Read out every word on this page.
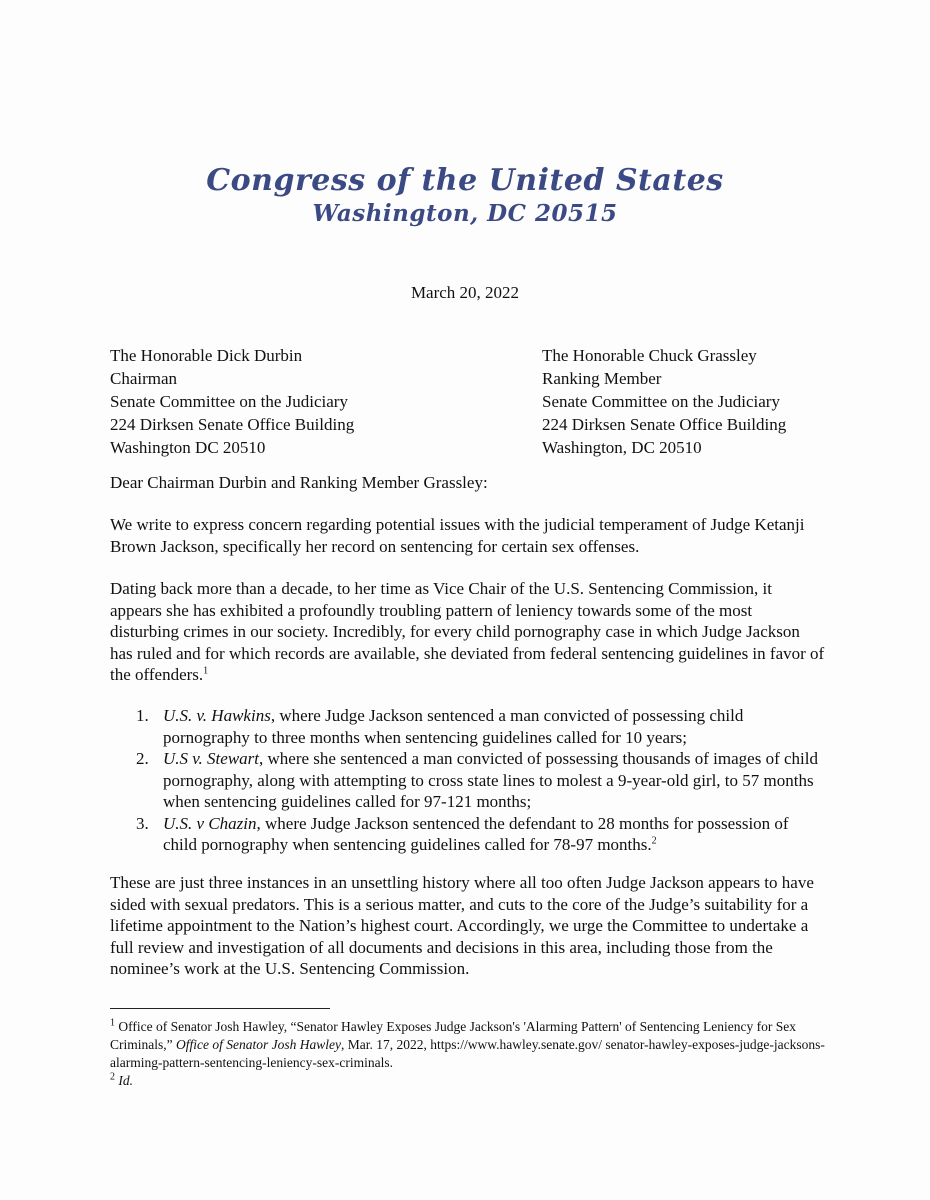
Congress of the United States
Washington, DC 20515
March 20, 2022
The Honorable Dick Durbin
Chairman
Senate Committee on the Judiciary
224 Dirksen Senate Office Building
Washington DC 20510
The Honorable Chuck Grassley
Ranking Member
Senate Committee on the Judiciary
224 Dirksen Senate Office Building
Washington, DC 20510
Dear Chairman Durbin and Ranking Member Grassley:
We write to express concern regarding potential issues with the judicial temperament of Judge Ketanji Brown Jackson, specifically her record on sentencing for certain sex offenses.
Dating back more than a decade, to her time as Vice Chair of the U.S. Sentencing Commission, it appears she has exhibited a profoundly troubling pattern of leniency towards some of the most disturbing crimes in our society. Incredibly, for every child pornography case in which Judge Jackson has ruled and for which records are available, she deviated from federal sentencing guidelines in favor of the offenders.$^1$
1. U.S. v. Hawkins, where Judge Jackson sentenced a man convicted of possessing child pornography to three months when sentencing guidelines called for 10 years;
2. U.S v. Stewart, where she sentenced a man convicted of possessing thousands of images of child pornography, along with attempting to cross state lines to molest a 9-year-old girl, to 57 months when sentencing guidelines called for 97-121 months;
3. U.S. v Chazin, where Judge Jackson sentenced the defendant to 28 months for possession of child pornography when sentencing guidelines called for 78-97 months.$^2$
These are just three instances in an unsettling history where all too often Judge Jackson appears to have sided with sexual predators. This is a serious matter, and cuts to the core of the Judge’s suitability for a lifetime appointment to the Nation’s highest court. Accordingly, we urge the Committee to undertake a full review and investigation of all documents and decisions in this area, including those from the nominee’s work at the U.S. Sentencing Commission.
$^1$ Office of Senator Josh Hawley, “Senator Hawley Exposes Judge Jackson's 'Alarming Pattern' of Sentencing Leniency for Sex Criminals,” Office of Senator Josh Hawley, Mar. 17, 2022, https://www.hawley.senate.gov/ senator-hawley-exposes-judge-jacksons-alarming-pattern-sentencing-leniency-sex-criminals.
$^2$ Id.
